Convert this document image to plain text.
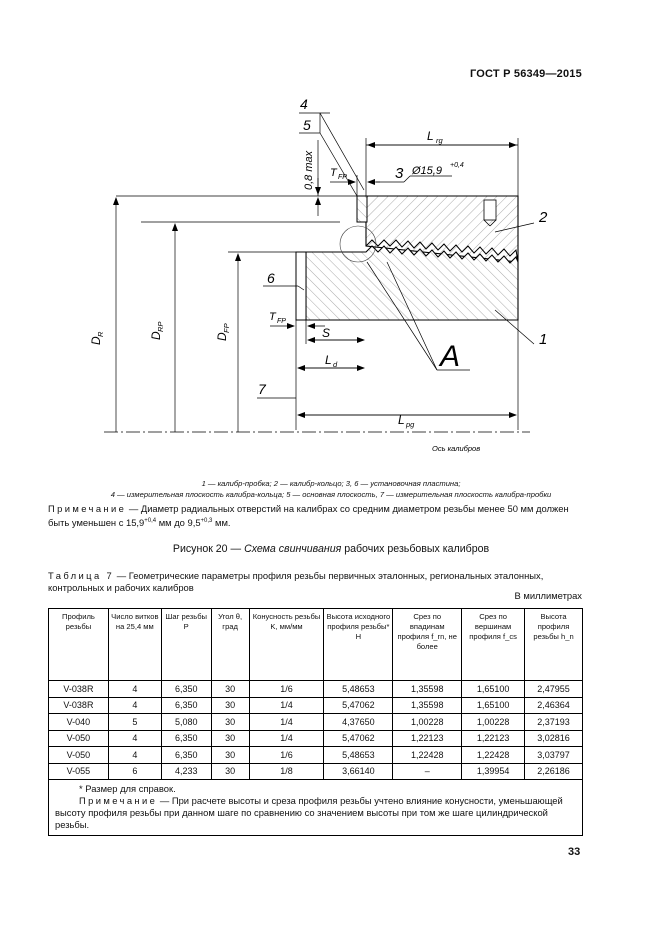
ГОСТ Р 56349—2015
4
5
3
2
6
1
7
0,8 max
L rg
T FP
Ø15,9 +0,4
D
R	D
RP
D
FP
T FP
S
L d	A
L pg
Ось калибров
1 — калибр-пробка; 2 — калибр-кольцо; 3, 6 — установочная пластина;
4 — измерительная плоскость калибра-кольца; 5 — основная плоскость, 7 — измерительная плоскость калибра-пробки
Примечание — Диаметр радиальных отверстий на калибрах со средним диаметром резьбы менее 50 мм должен быть уменьшен с $15,9^{+0,4}$ мм до $9,5^{+0,3}$ мм.
Рисунок 20 — Схема свинчивания рабочих резьбовых калибров
Таблица 7 — Геометрические параметры профиля резьбы первичных эталонных, региональных эталонных, контрольных и рабочих калибров
В миллиметрах
Профиль резьбы	Число витков на 25,4 мм	Шаг резьбы P	Угол θ, град	Конусность резьбы K, мм/мм	Высота исходного профиля резьбы* H	Срез по впадинам профиля f_rn, не более	Срез по вершинам профиля f_cs	Высота профиля резьбы h_n
V-038R	4	6,350	30	1/6	5,48653	1,35598	1,65100	2,47955
V-038R	4	6,350	30	1/4	5,47062	1,35598	1,65100	2,46364
V-040	5	5,080	30	1/4	4,37650	1,00228	1,00228	2,37193
V-050	4	6,350	30	1/4	5,47062	1,22123	1,22123	3,02816
V-050	4	6,350	30	1/6	5,48653	1,22428	1,22428	3,03797
V-055	6	4,233	30	1/8	3,66140	–	1,39954	2,26186

* Размер для справок.
Примечание — При расчете высоты и среза профиля резьбы учтено влияние конусности, уменьшающей высоту профиля резьбы при данном шаге по сравнению со значением высоты при том же шаге цилиндрической резьбы.								
33
